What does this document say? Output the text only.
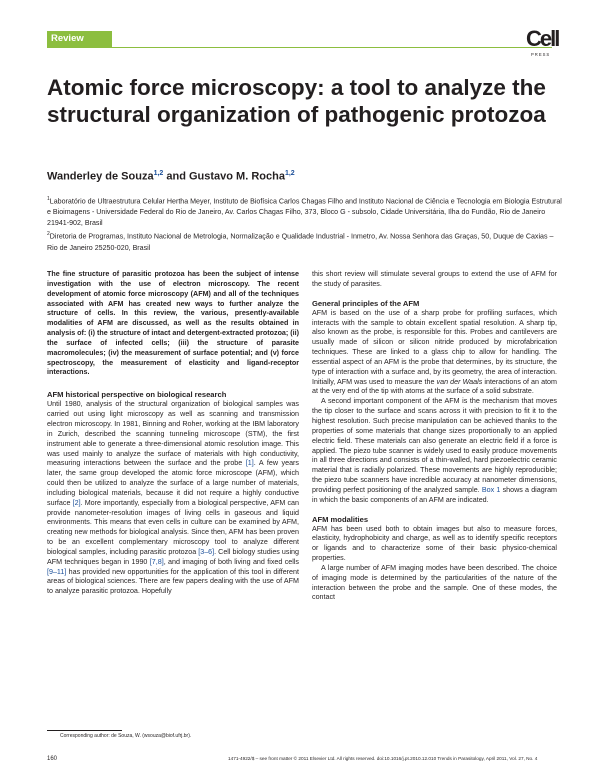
Review	Cell
PRESS
Atomic force microscopy: a tool to analyze the structural organization of pathogenic protozoa
Wanderley de Souza$^{1,2}$ and Gustavo M. Rocha$^{1,2}$
$^1$Laboratório de Ultraestrutura Celular Hertha Meyer, Instituto de Biofísica Carlos Chagas Filho and Instituto Nacional de Ciência e Tecnologia em Biologia Estrutural e Bioimagens - Universidade Federal do Rio de Janeiro, Av. Carlos Chagas Filho, 373, Bloco G - subsolo, Cidade Universitária, Ilha do Fundão, Rio de Janeiro 21941-902, Brasil
$^2$Diretoria de Programas, Instituto Nacional de Metrologia, Normalização e Qualidade Industrial - Inmetro, Av. Nossa Senhora das Graças, 50, Duque de Caxias – Rio de Janeiro 25250-020, Brasil

The fine structure of parasitic protozoa has been the subject of intense investigation with the use of electron microscopy. The recent development of atomic force microscopy (AFM) and all of the techniques associated with AFM has created new ways to further analyze the structure of cells. In this review, the various, presently-available modalities of AFM are discussed, as well as the results obtained in analysis of: (i) the structure of intact and detergent-extracted protozoa; (ii) the surface of infected cells; (iii) the structure of parasite macromolecules; (iv) the measurement of surface potential; and (v) force spectroscopy, the measurement of elasticity and ligand-receptor interactions.

AFM historical perspective on biological research

Until 1980, analysis of the structural organization of biological samples was carried out using light microscopy as well as scanning and transmission electron microscopy. In 1981, Binning and Roher, working at the IBM laboratory in Zurich, described the scanning tunneling microscope (STM), the first instrument able to generate a three-dimensional atomic resolution image. This was used mainly to analyze the surface of materials with high conductivity, measuring interactions between the surface and the probe [1]. A few years later, the same group developed the atomic force microscope (AFM), which could then be utilized to analyze the surface of a large number of materials, including biological materials, because it did not require a highly conductive surface [2]. More importantly, especially from a biological perspective, AFM can provide nanometer-resolution images of living cells in gaseous and liquid environments. This means that even cells in culture can be examined by AFM, creating new methods for biological analysis. Since then, AFM has been proven to be an excellent complementary microscopy tool to analyze different biological samples, including parasitic protozoa [3–6]. Cell biology studies using AFM techniques began in 1990 [7,8], and imaging of both living and fixed cells [9–11] has provided new opportunities for the application of this tool in different areas of biological sciences. There are few papers dealing with the use of AFM to analyze parasitic protozoa. Hopefully

this short review will stimulate several groups to extend the use of AFM for the study of parasites.

General principles of the AFM

AFM is based on the use of a sharp probe for profiling surfaces, which interacts with the sample to obtain excellent spatial resolution. A sharp tip, also known as the probe, is responsible for this. Probes and cantilevers are usually made of silicon or silicon nitride produced by microfabrication techniques. These are linked to a glass chip to allow for handling. The essential aspect of an AFM is the probe that determines, by its structure, the type of interaction with a surface and, by its geometry, the area of interaction. Initially, AFM was used to measure the van der Waals interactions of an atom at the very end of the tip with atoms at the surface of a solid substrate.

A second important component of the AFM is the mechanism that moves the tip closer to the surface and scans across it with precision to fit it to the highest resolution. Such precise manipulation can be achieved thanks to the properties of some materials that change sizes proportionally to an applied electric field. These materials can also generate an electric field if a force is applied. The piezo tube scanner is widely used to easily produce movements in all three directions and consists of a thin-walled, hard piezoelectric ceramic material that is radially polarized. These movements are highly reproducible; the piezo tube scanners have incredible accuracy at nanometer dimensions, providing perfect positioning of the analyzed sample. Box 1 shows a diagram in which the basic components of an AFM are indicated.

AFM modalities

AFM has been used both to obtain images but also to measure forces, elasticity, hydrophobicity and charge, as well as to identify specific receptors or ligands and to characterize some of their basic physico-chemical properties.

A large number of AFM imaging modes have been described. The choice of imaging mode is determined by the particularities of the nature of the interaction between the probe and the sample. One of these modes, the contact

Corresponding author: de Souza, W. (wsouza@biof.ufrj.br).
160	1471-4922/$ – see front matter © 2011 Elsevier Ltd. All rights reserved. doi:10.1016/j.pt.2010.12.010 Trends in Parasitology, April 2011, Vol. 27, No. 4
